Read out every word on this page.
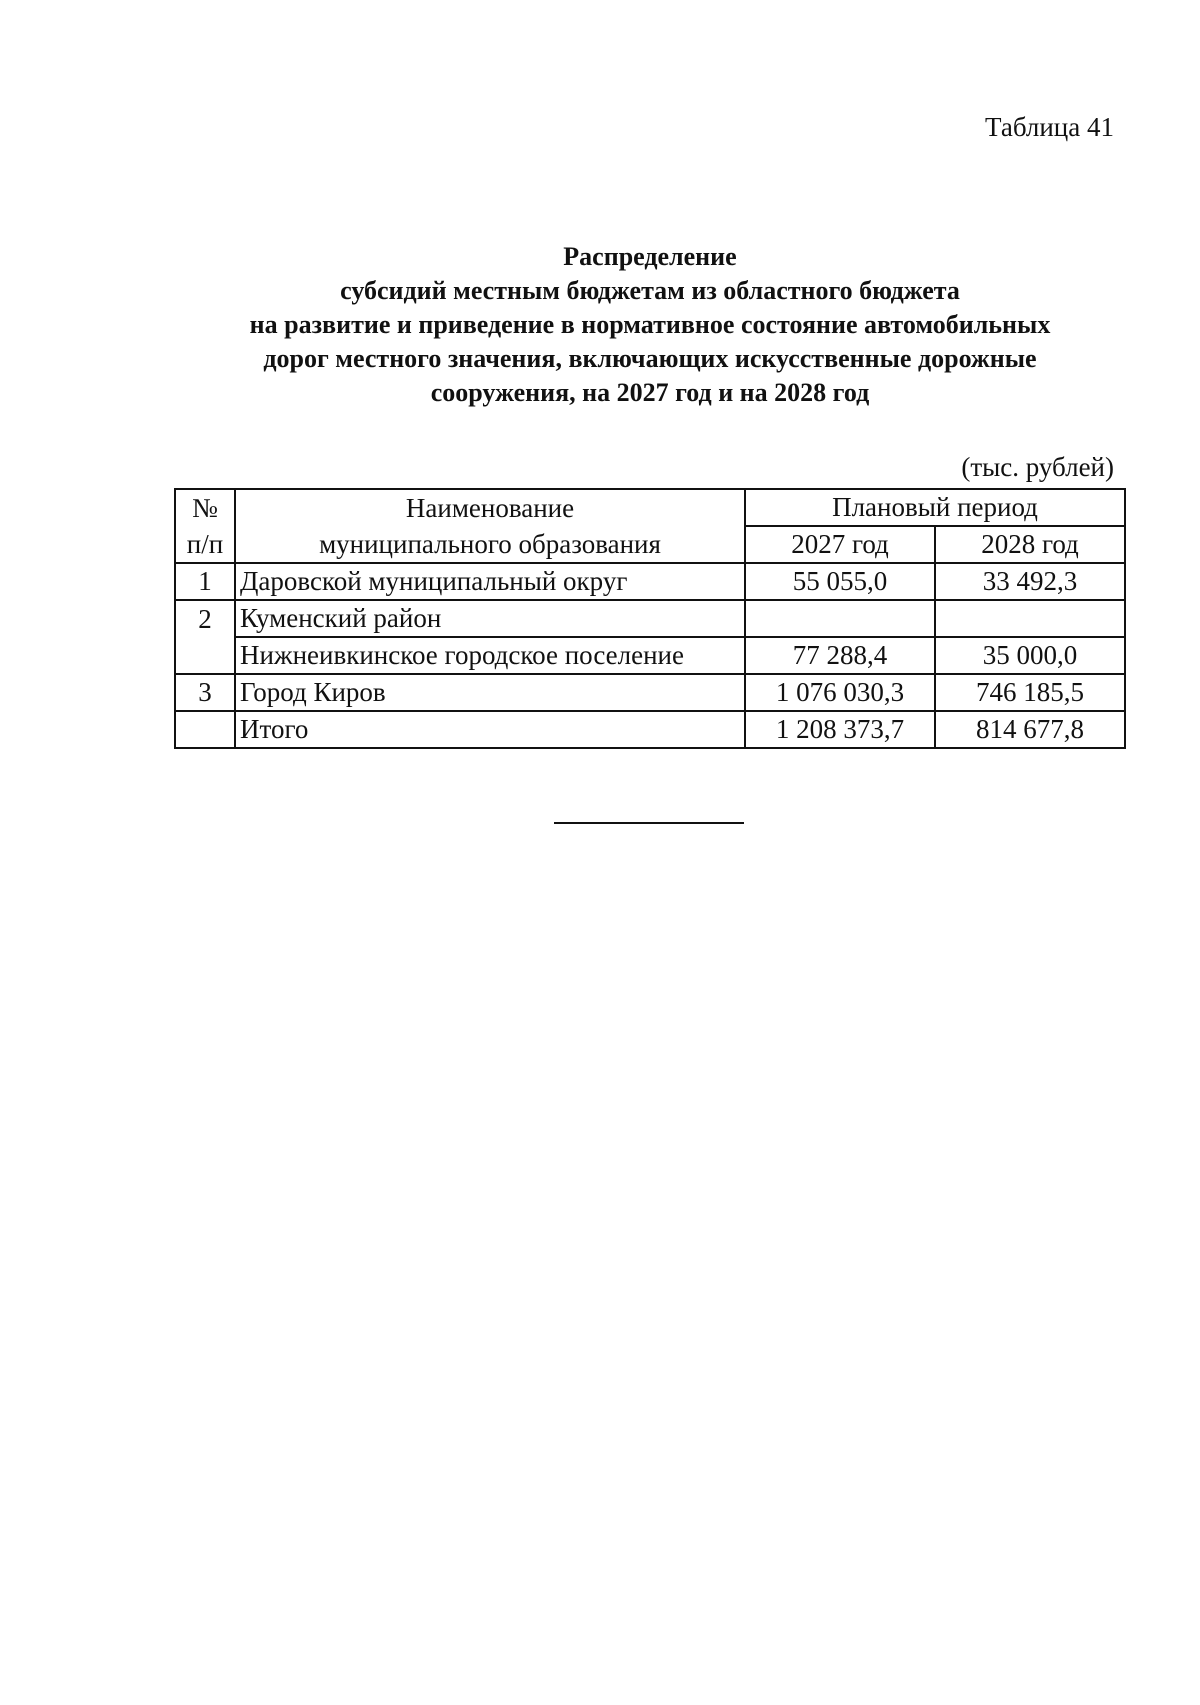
Таблица 41
Распределение
субсидий местным бюджетам из областного бюджета
на развитие и приведение в нормативное состояние автомобильных
дорог местного значения, включающих искусственные дорожные
сооружения, на 2027 год и на 2028 год
(тыс. рублей)
№	Наименование	Плановый период	
п/п	муниципального образования	2027 год	2028 год
1	Даровской муниципальный округ	55 055,0	33 492,3
2	Куменский район		
	Нижнеивкинское городское поселение	77 288,4	35 000,0
3	Город Киров	1 076 030,3	746 185,5
	Итого	1 208 373,7	814 677,8
